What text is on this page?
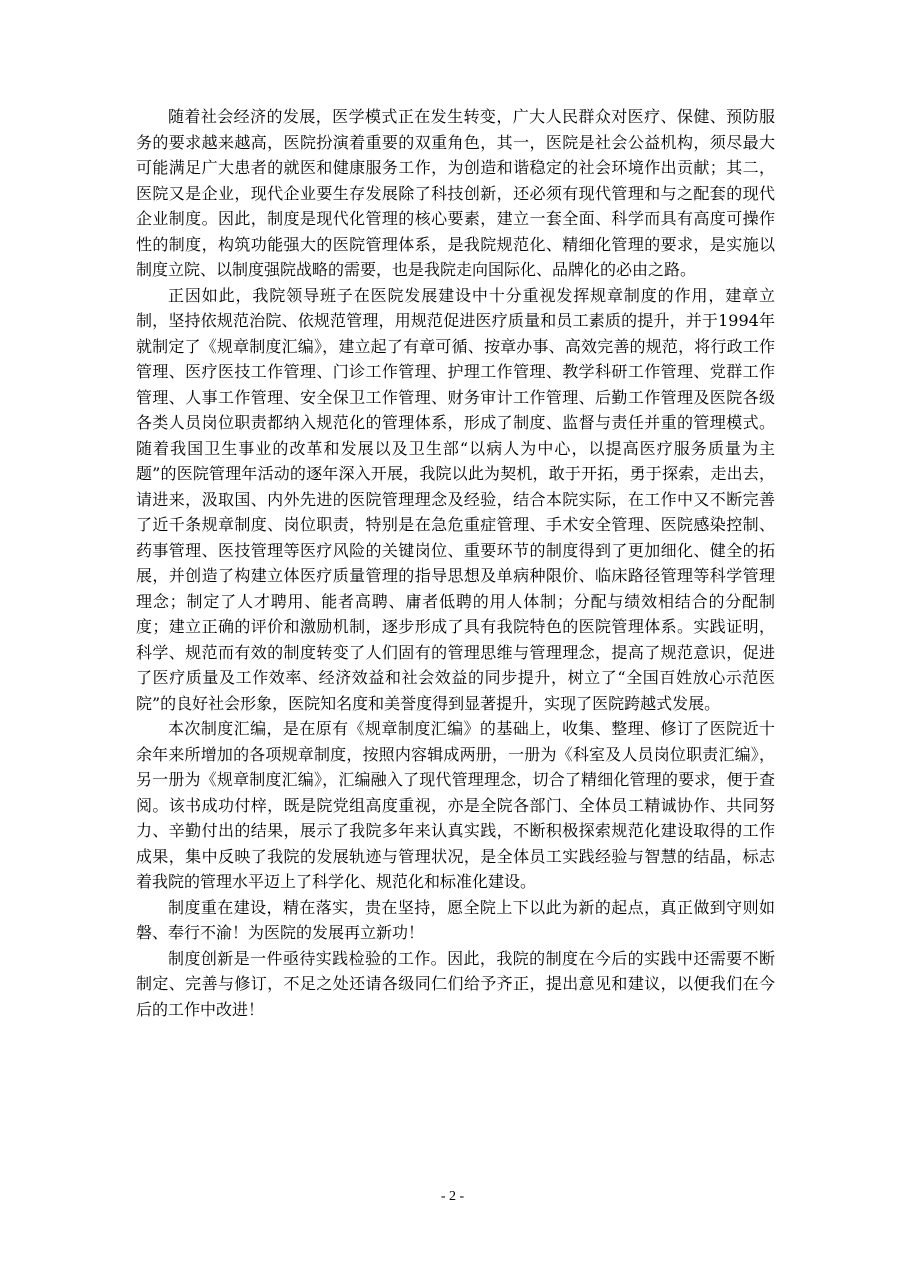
随着社会经济的发展，医学模式正在发生转变，广大人民群众对医疗、保健、预防服务的要求越来越高，医院扮演着重要的双重角色，其一，医院是社会公益机构，须尽最大可能满足广大患者的就医和健康服务工作，为创造和谐稳定的社会环境作出贡献；其二，医院又是企业，现代企业要生存发展除了科技创新，还必须有现代管理和与之配套的现代企业制度。因此，制度是现代化管理的核心要素，建立一套全面、科学而具有高度可操作性的制度，构筑功能强大的医院管理体系，是我院规范化、精细化管理的要求，是实施以制度立院、以制度强院战略的需要，也是我院走向国际化、品牌化的必由之路。

正因如此，我院领导班子在医院发展建设中十分重视发挥规章制度的作用，建章立制，坚持依规范治院、依规范管理，用规范促进医疗质量和员工素质的提升，并于1994年就制定了《规章制度汇编》，建立起了有章可循、按章办事、高效完善的规范，将行政工作管理、医疗医技工作管理、门诊工作管理、护理工作管理、教学科研工作管理、党群工作管理、人事工作管理、安全保卫工作管理、财务审计工作管理、后勤工作管理及医院各级各类人员岗位职责都纳入规范化的管理体系，形成了制度、监督与责任并重的管理模式。随着我国卫生事业的改革和发展以及卫生部“以病人为中心，以提高医疗服务质量为主题”的医院管理年活动的逐年深入开展，我院以此为契机，敢于开拓，勇于探索，走出去，请进来，汲取国、内外先进的医院管理理念及经验，结合本院实际，在工作中又不断完善了近千条规章制度、岗位职责，特别是在急危重症管理、手术安全管理、医院感染控制、药事管理、医技管理等医疗风险的关键岗位、重要环节的制度得到了更加细化、健全的拓展，并创造了构建立体医疗质量管理的指导思想及单病种限价、临床路径管理等科学管理理念；制定了人才聘用、能者高聘、庸者低聘的用人体制；分配与绩效相结合的分配制度；建立正确的评价和激励机制，逐步形成了具有我院特色的医院管理体系。实践证明，科学、规范而有效的制度转变了人们固有的管理思维与管理理念，提高了规范意识，促进了医疗质量及工作效率、经济效益和社会效益的同步提升，树立了“全国百姓放心示范医院”的良好社会形象，医院知名度和美誉度得到显著提升，实现了医院跨越式发展。

本次制度汇编，是在原有《规章制度汇编》的基础上，收集、整理、修订了医院近十余年来所增加的各项规章制度，按照内容辑成两册，一册为《科室及人员岗位职责汇编》，另一册为《规章制度汇编》，汇编融入了现代管理理念，切合了精细化管理的要求，便于查阅。该书成功付梓，既是院党组高度重视，亦是全院各部门、全体员工精诚协作、共同努力、辛勤付出的结果，展示了我院多年来认真实践，不断积极探索规范化建设取得的工作成果，集中反映了我院的发展轨迹与管理状况，是全体员工实践经验与智慧的结晶，标志着我院的管理水平迈上了科学化、规范化和标准化建设。

制度重在建设，精在落实，贵在坚持，愿全院上下以此为新的起点，真正做到守则如磐、奉行不渝！为医院的发展再立新功！

制度创新是一件亟待实践检验的工作。因此，我院的制度在今后的实践中还需要不断制定、完善与修订，不足之处还请各级同仁们给予齐正，提出意见和建议，以便我们在今后的工作中改进！

- 2 -
